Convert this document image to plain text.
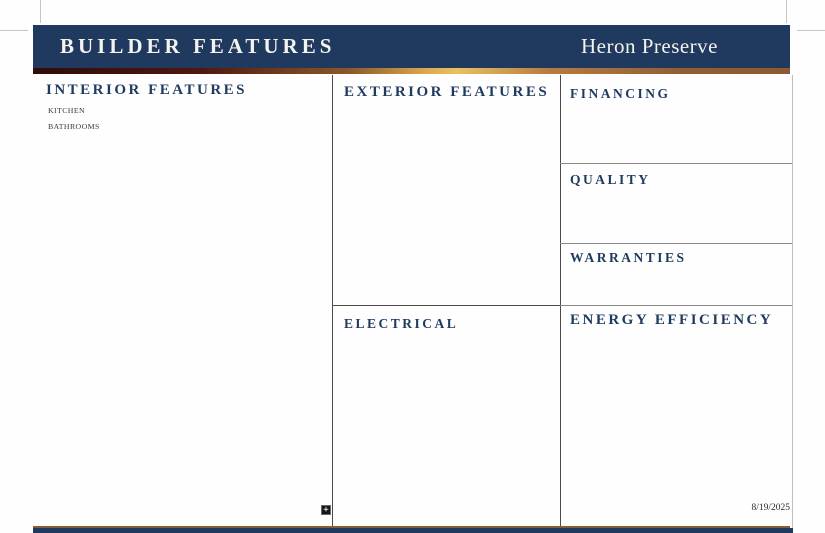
BUILDER FEATURES	Heron Preserve
INTERIOR FEATURES
KITCHEN
BATHROOMS
EXTERIOR FEATURES
ELECTRICAL
FINANCING
QUALITY
WARRANTIES
ENERGY EFFICIENCY
+	8/19/2025
